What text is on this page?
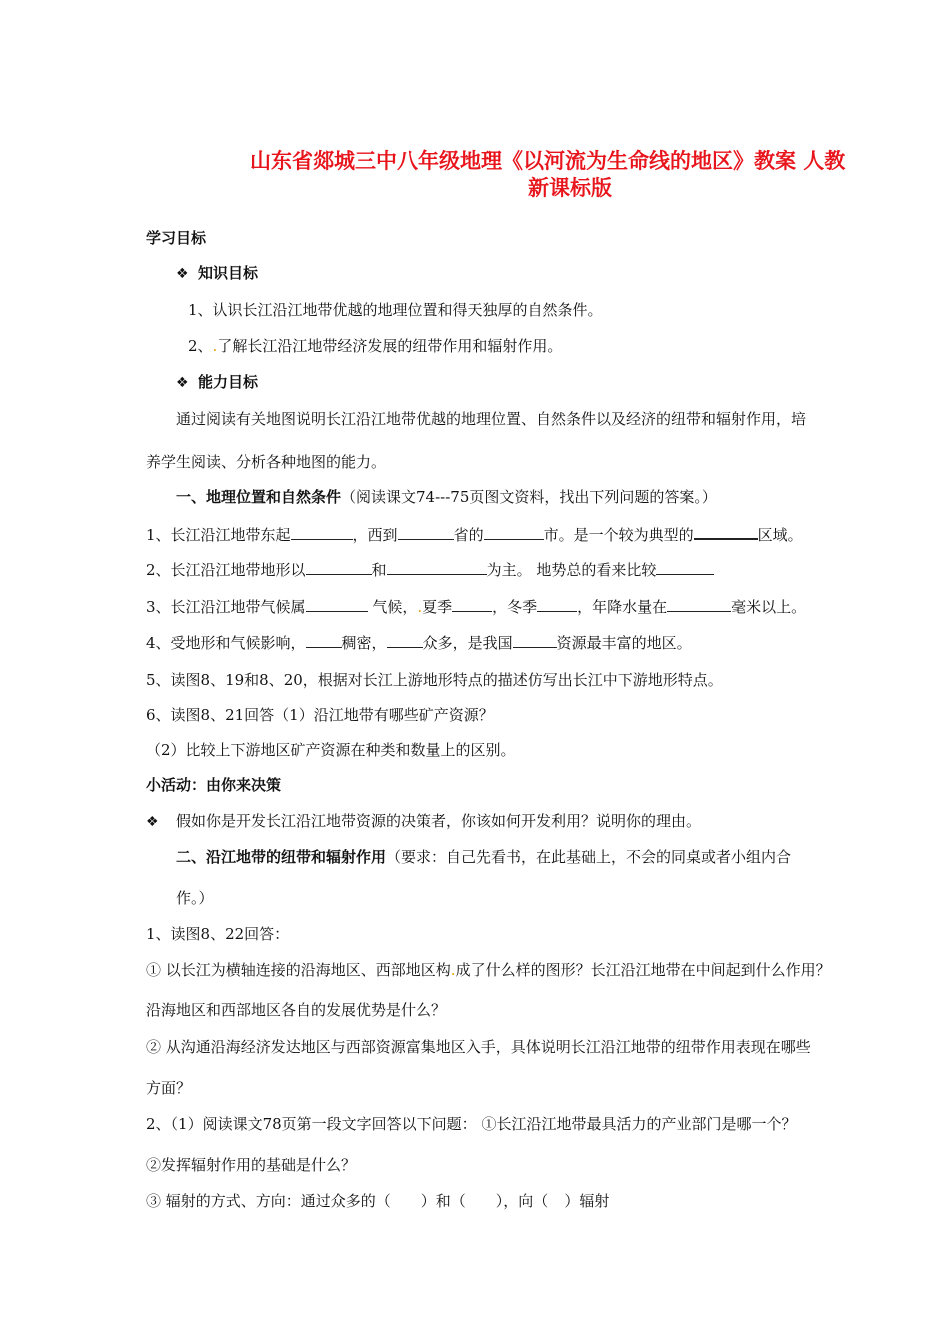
山东省郯城三中八年级地理《以河流为生命线的地区》教案 人教
新课标版
学习目标
❖ 知识目标
1、认识长江沿江地带优越的地理位置和得天独厚的自然条件。
2、.了解长江沿江地带经济发展的纽带作用和辐射作用。
❖ 能力目标
通过阅读有关地图说明长江沿江地带优越的地理位置、自然条件以及经济的纽带和辐射作用，培
养学生阅读、分析各种地图的能力。
一、地理位置和自然条件（阅读课文74---75页图文资料，找出下列问题的答案。）
1、长江沿江地带东起	，西到	省的	市。是一个较为典型的	区域。
2、长江沿江地带地形以	和	为主。 地势总的看来比较
3、长江沿江地带气候属	气候，.夏季	，冬季	，年降水量在	毫米以上。
4、受地形和气候影响， 稠密， 众多，是我国	资源最丰富的地区。
5、读图8、19和8、20，根据对长江上游地形特点的描述仿写出长江中下游地形特点。
6、读图8、21回答（1）沿江地带有哪些矿产资源？
（2）比较上下游地区矿产资源在种类和数量上的区别。
小活动：由你来决策
❖ 假如你是开发长江沿江地带资源的决策者，你该如何开发利用？说明你的理由。
二、沿江地带的纽带和辐射作用（要求：自己先看书，在此基础上，不会的同桌或者小组内合
作。）
1、读图8、22回答：
① 以长江为横轴连接的沿海地区、西部地区构.成了什么样的图形？长江沿江地带在中间起到什么作用？
沿海地区和西部地区各自的发展优势是什么？
② 从沟通沿海经济发达地区与西部资源富集地区入手，具体说明长江沿江地带的纽带作用表现在哪些
方面？
2、（1）阅读课文78页第一段文字回答以下问题： ①长江沿江地带最具活力的产业部门是哪一个？
②发挥辐射作用的基础是什么？
③ 辐射的方式、方向：通过众多的（ ）和（ ），向（ ）辐射
